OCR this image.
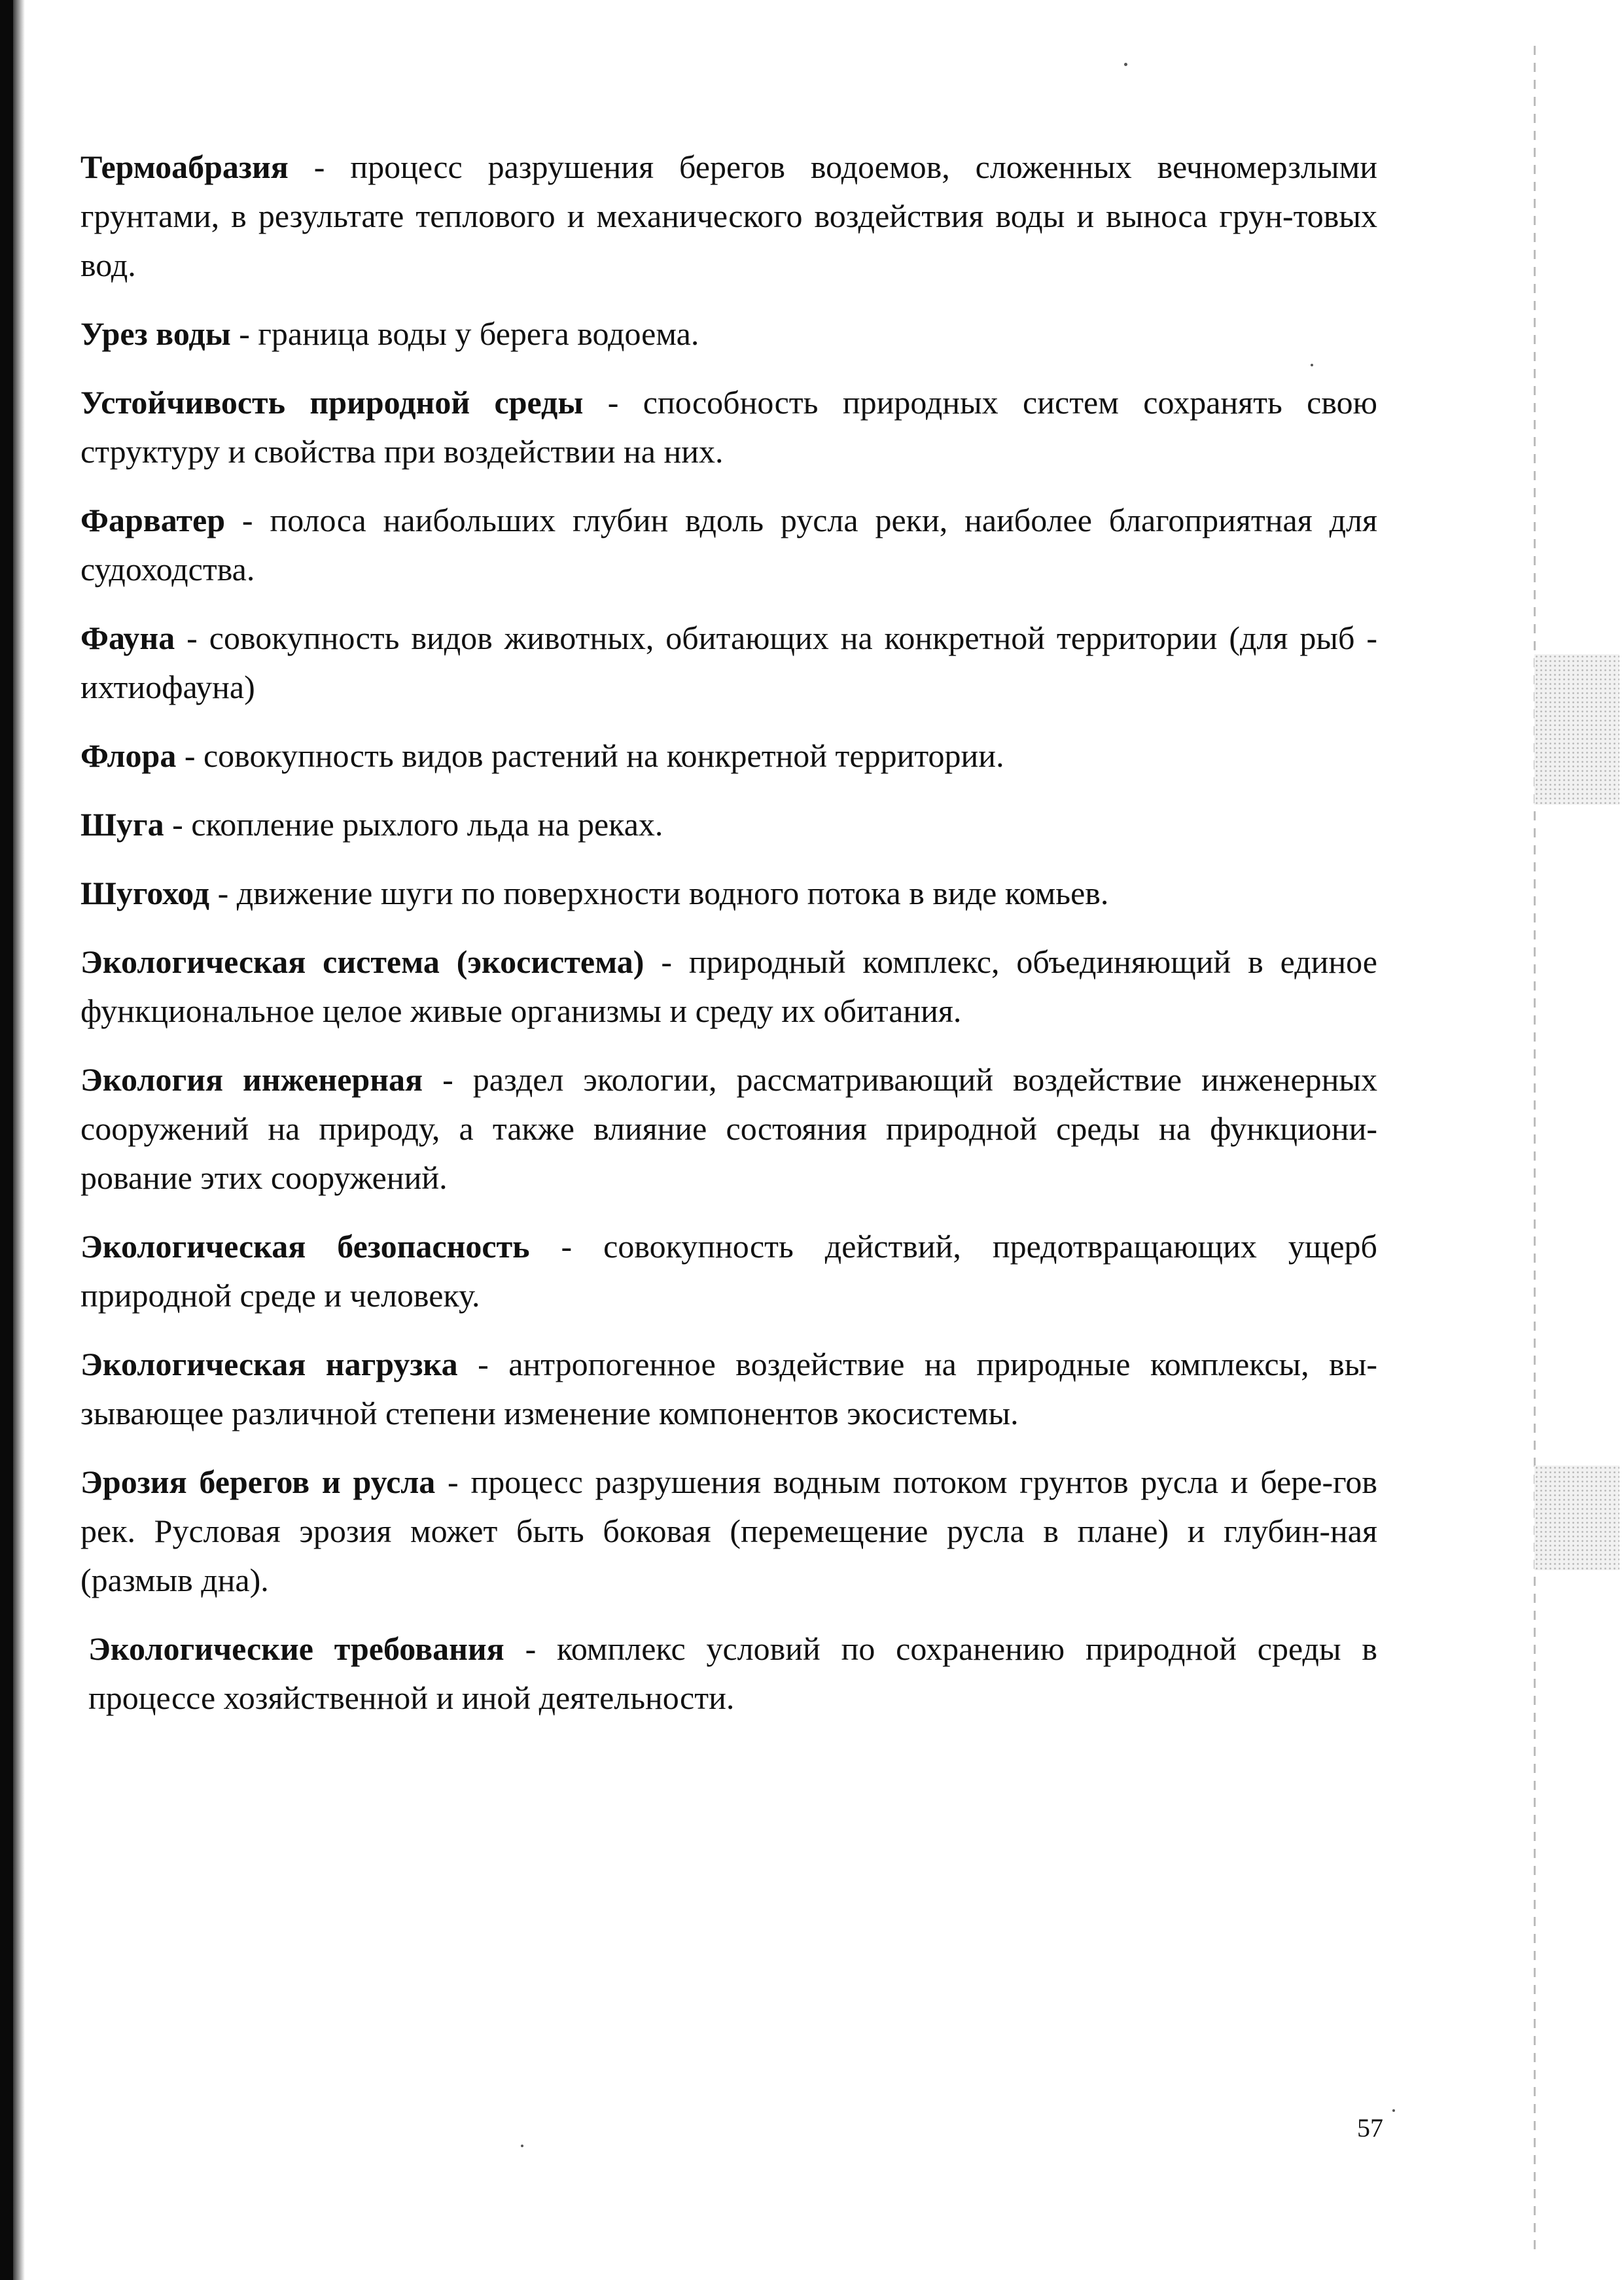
Термоабразия - процесс разрушения берегов водоемов, сложенных вечномерзлыми грунтами, в результате теплового и механического воздействия воды и выноса грун-товых вод.

Урез воды - граница воды у берега водоема.

Устойчивость природной среды - способность природных систем сохранять свою структуру и свойства при воздействии на них.

Фарватер - полоса наибольших глубин вдоль русла реки, наиболее благоприятная для судоходства.

Фауна - совокупность видов животных, обитающих на конкретной территории (для рыб - ихтиофауна)

Флора - совокупность видов растений на конкретной территории.

Шуга - скопление рыхлого льда на реках.

Шугоход - движение шуги по поверхности водного потока в виде комьев.

Экологическая система (экосистема) - природный комплекс, объединяющий в единое функциональное целое живые организмы и среду их обитания.

Экология инженерная - раздел экологии, рассматривающий воздействие инженерных сооружений на природу, а также влияние состояния природной среды на функциони-рование этих сооружений.

Экологическая безопасность - совокупность действий, предотвращающих ущерб природной среде и человеку.

Экологическая нагрузка - антропогенное воздействие на природные комплексы, вы-зывающее различной степени изменение компонентов экосистемы.

Эрозия берегов и русла - процесс разрушения водным потоком грунтов русла и бере-гов рек. Русловая эрозия может быть боковая (перемещение русла в плане) и глубин-ная (размыв дна).

Экологические требования - комплекс условий по сохранению природной среды в процессе хозяйственной и иной деятельности.

57
